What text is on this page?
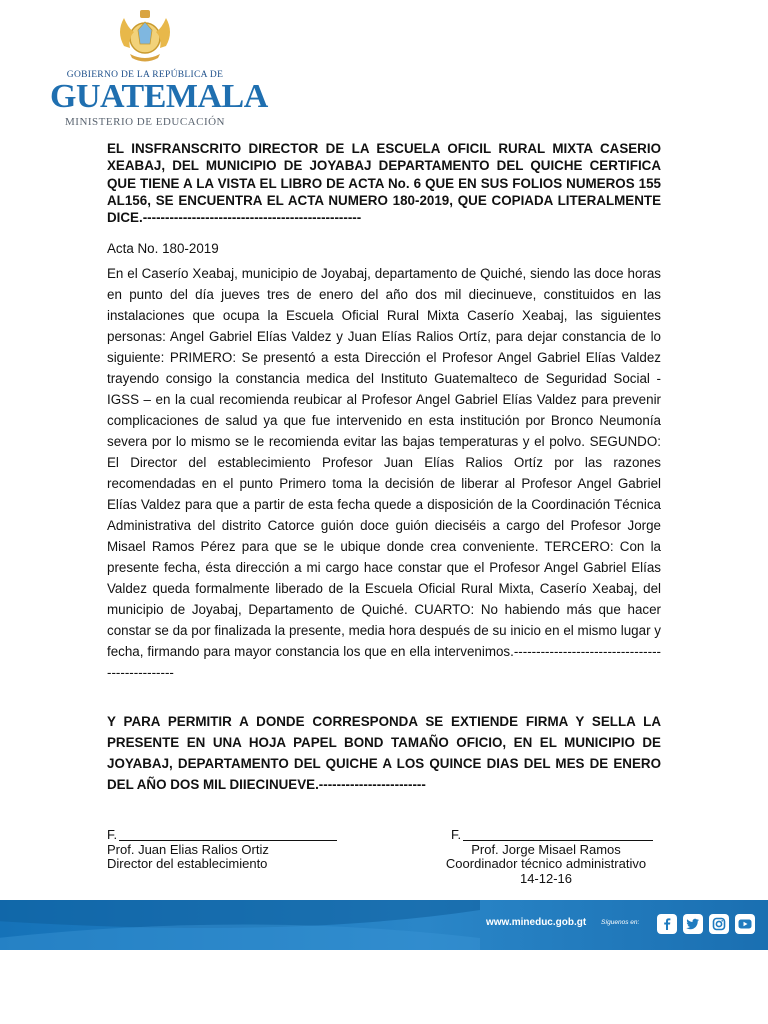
GOBIERNO DE LA REPÚBLICA DE
GUATEMALA
MINISTERIO DE EDUCACIÓN

EL INSFRANSCRITO DIRECTOR DE LA ESCUELA OFICIL RURAL MIXTA CASERIO XEABAJ, DEL MUNICIPIO DE JOYABAJ DEPARTAMENTO DEL QUICHE CERTIFICA QUE TIENE A LA VISTA EL LIBRO DE ACTA No. 6 QUE EN SUS FOLIOS NUMEROS 155 AL156, SE ENCUENTRA EL ACTA NUMERO 180-2019, QUE COPIADA LITERALMENTE DICE.-------------------------------------------------

Acta No. 180-2019

En el Caserío Xeabaj, municipio de Joyabaj, departamento de Quiché, siendo las doce horas en punto del día jueves tres de enero del año dos mil diecinueve, constituidos en las instalaciones que ocupa la Escuela Oficial Rural Mixta Caserío Xeabaj, las siguientes personas: Angel Gabriel Elías Valdez y Juan Elías Ralios Ortíz, para dejar constancia de lo siguiente: PRIMERO: Se presentó a esta Dirección el Profesor Angel Gabriel Elías Valdez trayendo consigo la constancia medica del Instituto Guatemalteco de Seguridad Social - IGSS – en la cual recomienda reubicar al Profesor Angel Gabriel Elías Valdez para prevenir complicaciones de salud ya que fue intervenido en esta institución por Bronco Neumonía severa por lo mismo se le recomienda evitar las bajas temperaturas y el polvo. SEGUNDO: El Director del establecimiento Profesor Juan Elías Ralios Ortíz por las razones recomendadas en el punto Primero toma la decisión de liberar al Profesor Angel Gabriel Elías Valdez para que a partir de esta fecha quede a disposición de la Coordinación Técnica Administrativa del distrito Catorce guión doce guión dieciséis a cargo del Profesor Jorge Misael Ramos Pérez para que se le ubique donde crea conveniente. TERCERO: Con la presente fecha, ésta dirección a mi cargo hace constar que el Profesor Angel Gabriel Elías Valdez queda formalmente liberado de la Escuela Oficial Rural Mixta, Caserío Xeabaj, del municipio de Joyabaj, Departamento de Quiché. CUARTO: No habiendo más que hacer constar se da por finalizada la presente, media hora después de su inicio en el mismo lugar y fecha, firmando para mayor constancia los que en ella intervenimos.------------------------------------------------

Y PARA PERMITIR A DONDE CORRESPONDA SE EXTIENDE FIRMA Y SELLA LA PRESENTE EN UNA HOJA PAPEL BOND TAMAÑO OFICIO, EN EL MUNICIPIO DE JOYABAJ, DEPARTAMENTO DEL QUICHE A LOS QUINCE DIAS DEL MES DE ENERO DEL AÑO DOS MIL DIIECINUEVE.------------------------

F.
Prof. Juan Elias Ralios Ortiz
Director del establecimiento
F.
Prof. Jorge Misael Ramos
Coordinador técnico administrativo
14-12-16
www.mineduc.gob.gt Síguenos en:
